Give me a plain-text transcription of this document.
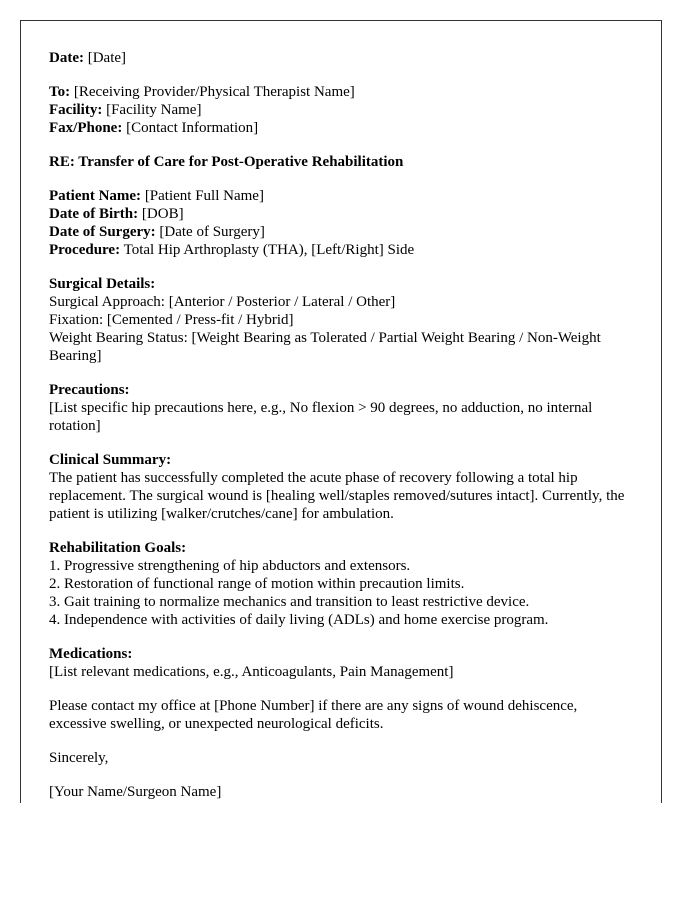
Date: [Date]

To: [Receiving Provider/Physical Therapist Name]
Facility: [Facility Name]
Fax/Phone: [Contact Information]

RE: Transfer of Care for Post-Operative Rehabilitation

Patient Name: [Patient Full Name]
Date of Birth: [DOB]
Date of Surgery: [Date of Surgery]
Procedure: Total Hip Arthroplasty (THA), [Left/Right] Side

Surgical Details:
Surgical Approach: [Anterior / Posterior / Lateral / Other]
Fixation: [Cemented / Press-fit / Hybrid]
Weight Bearing Status: [Weight Bearing as Tolerated / Partial Weight Bearing / Non-Weight Bearing]

Precautions:
[List specific hip precautions here, e.g., No flexion > 90 degrees, no adduction, no internal rotation]

Clinical Summary:
The patient has successfully completed the acute phase of recovery following a total hip replacement. The surgical wound is [healing well/staples removed/sutures intact]. Currently, the patient is utilizing [walker/crutches/cane] for ambulation.

Rehabilitation Goals:
1. Progressive strengthening of hip abductors and extensors.
2. Restoration of functional range of motion within precaution limits.
3. Gait training to normalize mechanics and transition to least restrictive device.
4. Independence with activities of daily living (ADLs) and home exercise program.

Medications:
[List relevant medications, e.g., Anticoagulants, Pain Management]

Please contact my office at [Phone Number] if there are any signs of wound dehiscence, excessive swelling, or unexpected neurological deficits.

Sincerely,

[Your Name/Surgeon Name]
